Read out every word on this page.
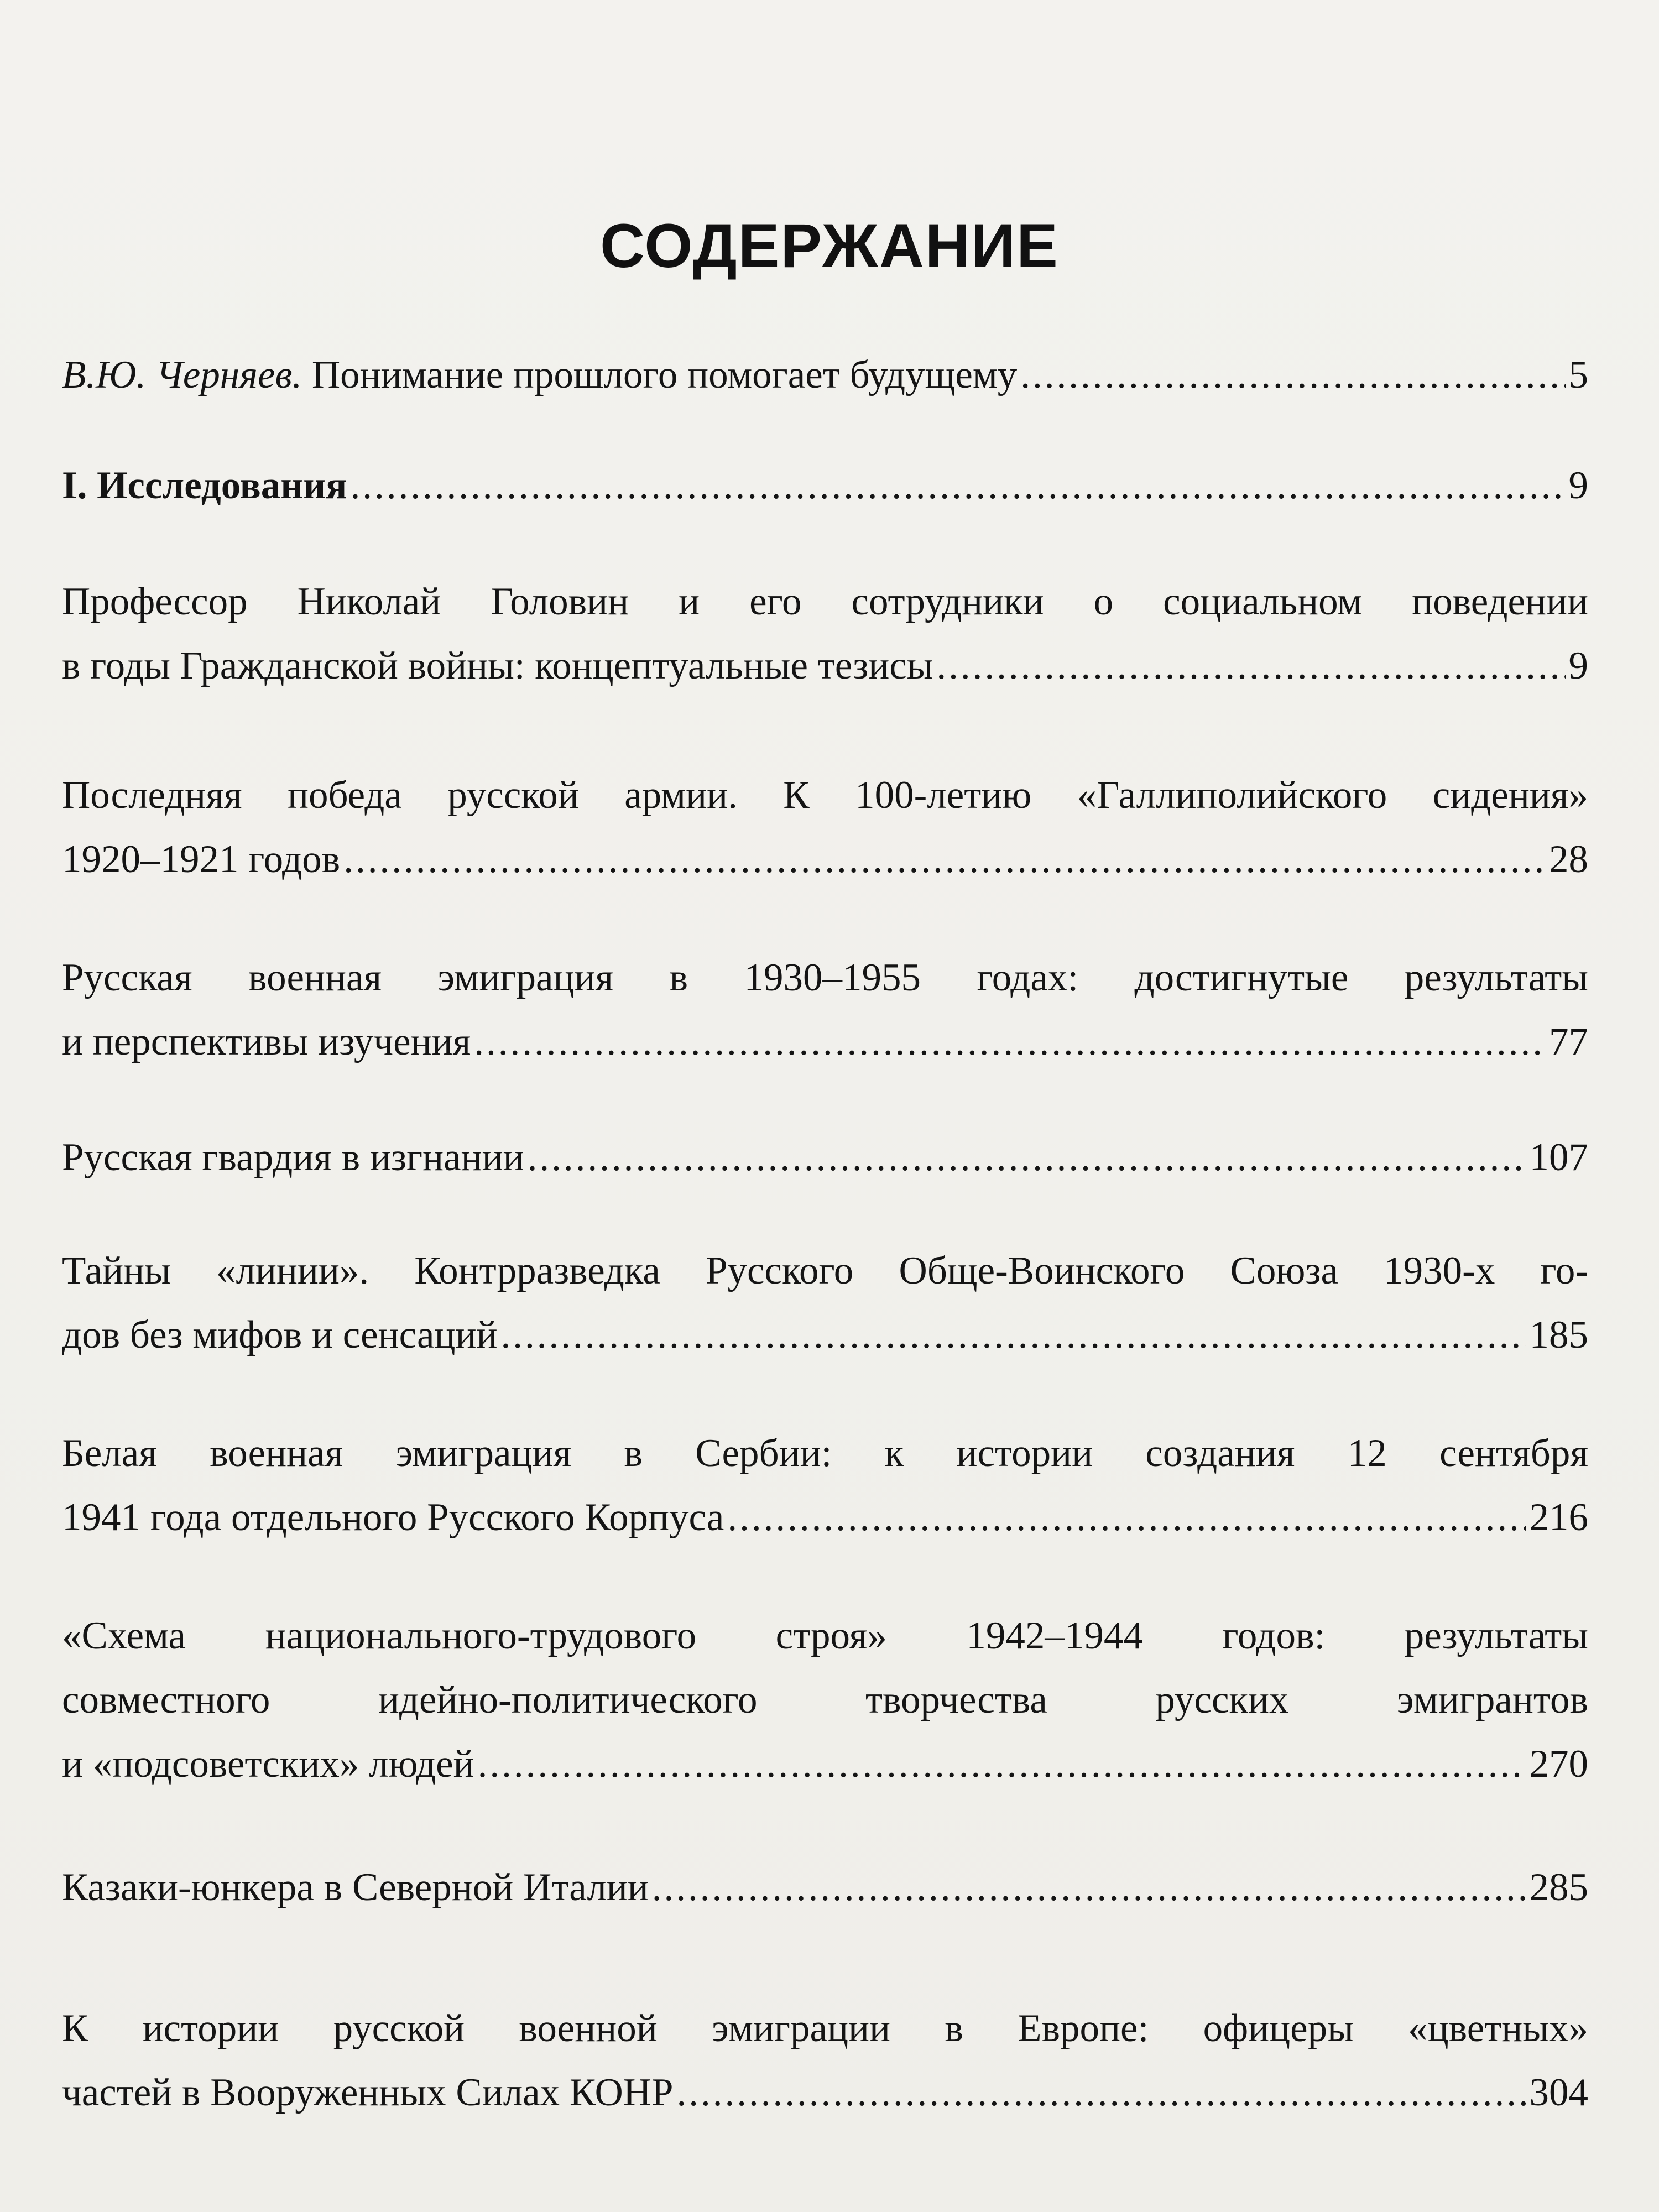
СОДЕРЖАНИЕ
В.Ю. Черняев. Понимание прошлого помогает будущему .....	5
I. Исследования .....	9
Профессор Николай Головин и его сотрудники о социальном поведении
в годы Гражданской войны: концептуальные тезисы .....	9
Последняя победа русской армии. К 100-летию «Галлиполийского сидения»
1920–1921 годов .....	28
Русская военная эмиграция в 1930–1955 годах: достигнутые результаты
и перспективы изучения .....	77
Русская гвардия в изгнании .....	107
Тайны «линии». Контрразведка Русского Обще-Воинского Союза 1930-х го-
дов без мифов и сенсаций .....	185
Белая военная эмиграция в Сербии: к истории создания 12 сентября
1941 года отдельного Русского Корпуса .....	216
«Схема национального-трудового строя» 1942–1944 годов: результаты
совместного идейно-политического творчества русских эмигрантов
и «подсоветских» людей .....	270
Казаки-юнкера в Северной Италии .....	285
К истории русской военной эмиграции в Европе: офицеры «цветных»
частей в Вооруженных Силах КОНР .....	304
